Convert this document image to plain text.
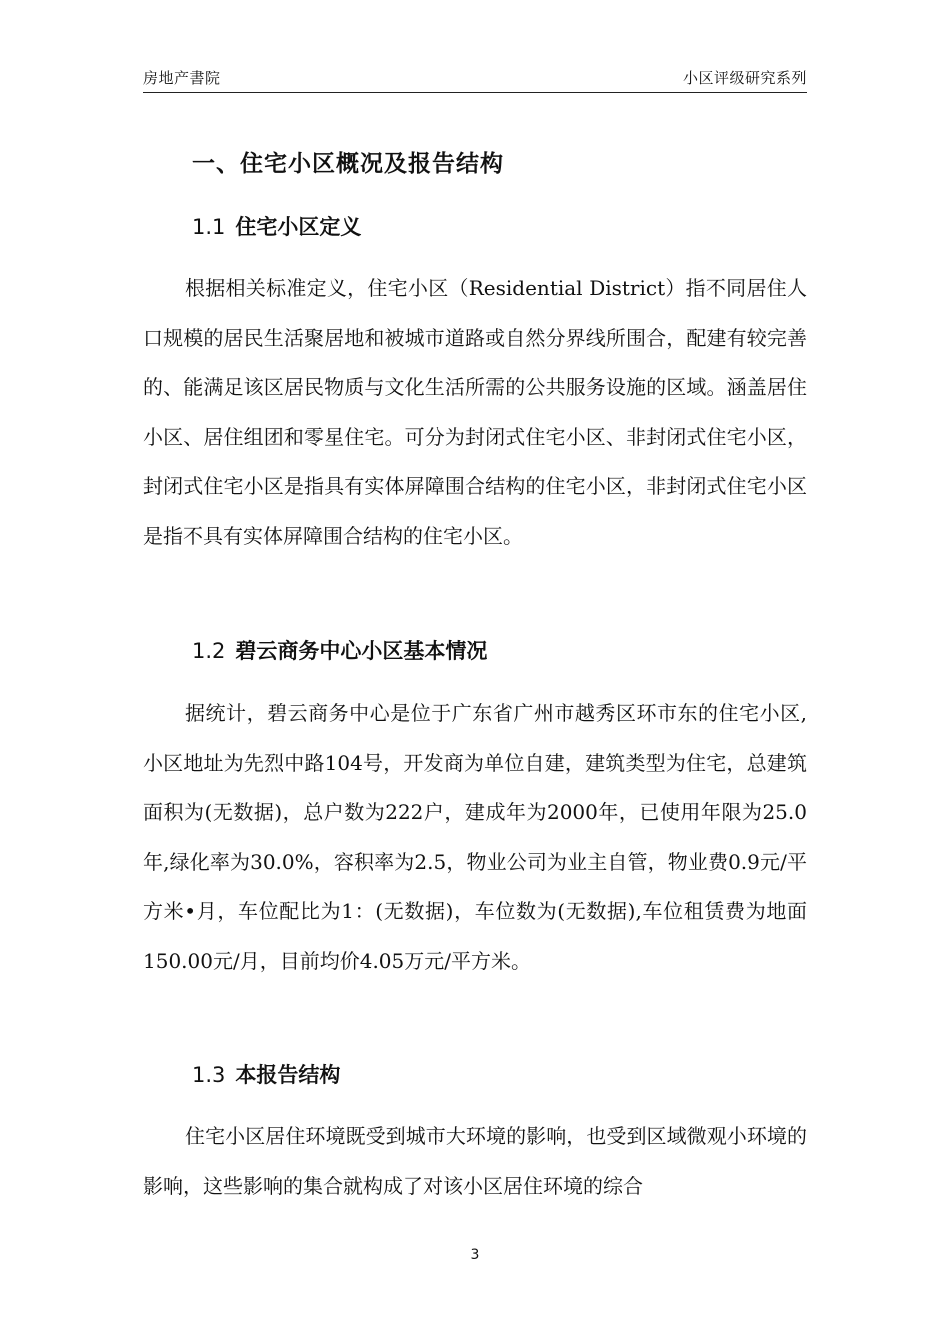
房地产書院	小区评级研究系列
一、住宅小区概况及报告结构
1.1 住宅小区定义

根据相关标准定义，住宅小区（Residential District）指不同居住人口规模的居民生活聚居地和被城市道路或自然分界线所围合，配建有较完善的、能满足该区居民物质与文化生活所需的公共服务设施的区域。涵盖居住小区、居住组团和零星住宅。可分为封闭式住宅小区、非封闭式住宅小区，封闭式住宅小区是指具有实体屏障围合结构的住宅小区，非封闭式住宅小区是指不具有实体屏障围合结构的住宅小区。

1.2 碧云商务中心小区基本情况

据统计，碧云商务中心是位于广东省广州市越秀区环市东的住宅小区,小区地址为先烈中路104号，开发商为单位自建，建筑类型为住宅，总建筑面积为(无数据)，总户数为222户，建成年为2000年，已使用年限为25.0年,绿化率为30.0%，容积率为2.5，物业公司为业主自管，物业费0.9元/平方米•月，车位配比为1：(无数据)，车位数为(无数据),车位租赁费为地面150.00元/月，目前均价4.05万元/平方米。

1.3 本报告结构

住宅小区居住环境既受到城市大环境的影响，也受到区域微观小环境的影响，这些影响的集合就构成了对该小区居住环境的综合

3
